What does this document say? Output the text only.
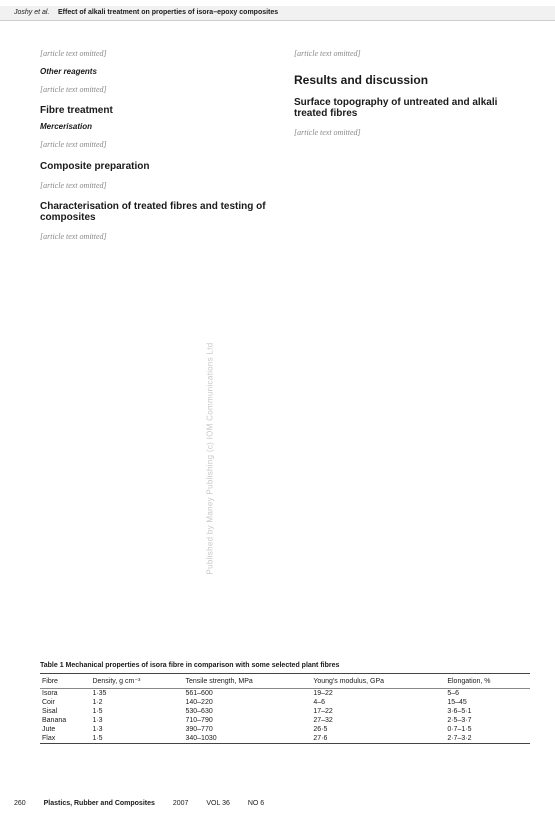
Joshy et al. Effect of alkali treatment on properties of isora–epoxy composites
Published by Maney Publishing (c) IOM Communications Ltd

[article text omitted]

Other reagents

[article text omitted]

Fibre treatment
Mercerisation

[article text omitted]

Composite preparation

[article text omitted]

Characterisation of treated fibres and testing of composites

[article text omitted]

[article text omitted]

Results and discussion
Surface topography of untreated and alkali treated fibres

[article text omitted]

Table 1 Mechanical properties of isora fibre in comparison with some selected plant fibres
Fibre	Density, g cm⁻³	Tensile strength, MPa	Young's modulus, GPa	Elongation, %
Isora	1·35	561–600	19–22	5–6
Coir	1·2	140–220	4–6	15–45
Sisal	1·5	530–630	17–22	3·6–5·1
Banana	1·3	710–790	27–32	2·5–3·7
Jute	1·3	390–770	26·5	0·7–1·5
Flax	1·5	340–1030	27·6	2·7–3·2
260	Plastics, Rubber and Composites	2007	VOL 36	NO 6
